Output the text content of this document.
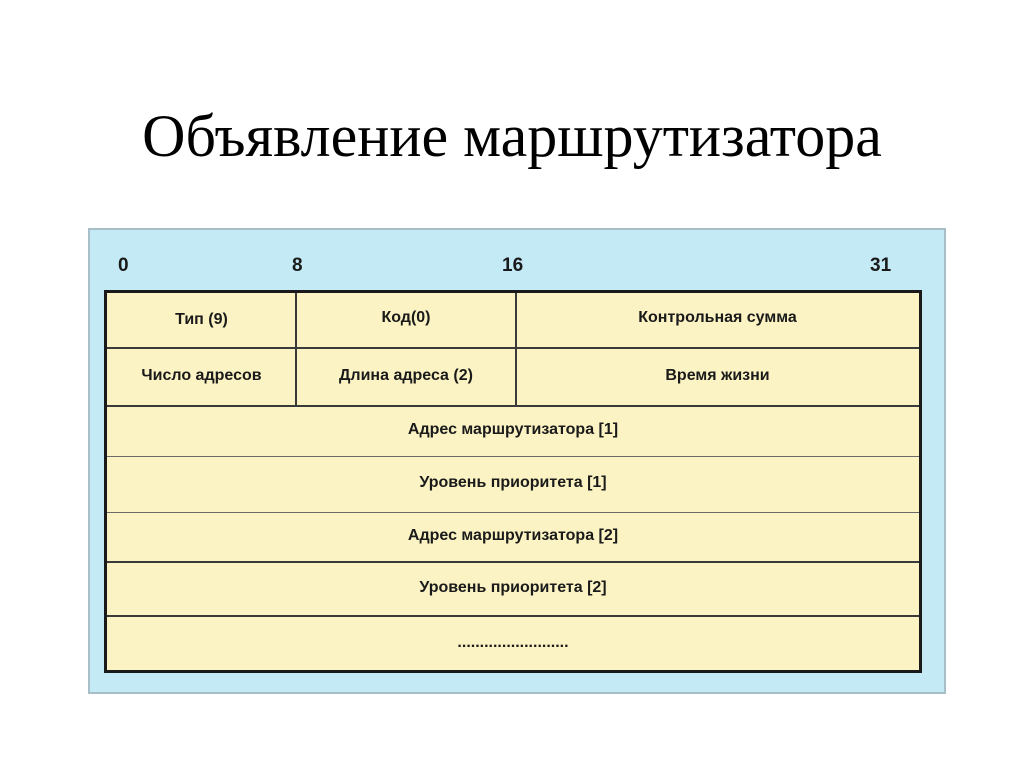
Объявление маршрутизатора
0	8	16	31
Тип (9)	Код(0)	Контрольная сумма
Число адресов	Длина адреса (2)	Время жизни
Адрес маршрутизатора [1]
Уровень приоритета [1]
Адрес маршрутизатора [2]
Уровень приоритета [2]
.........................
